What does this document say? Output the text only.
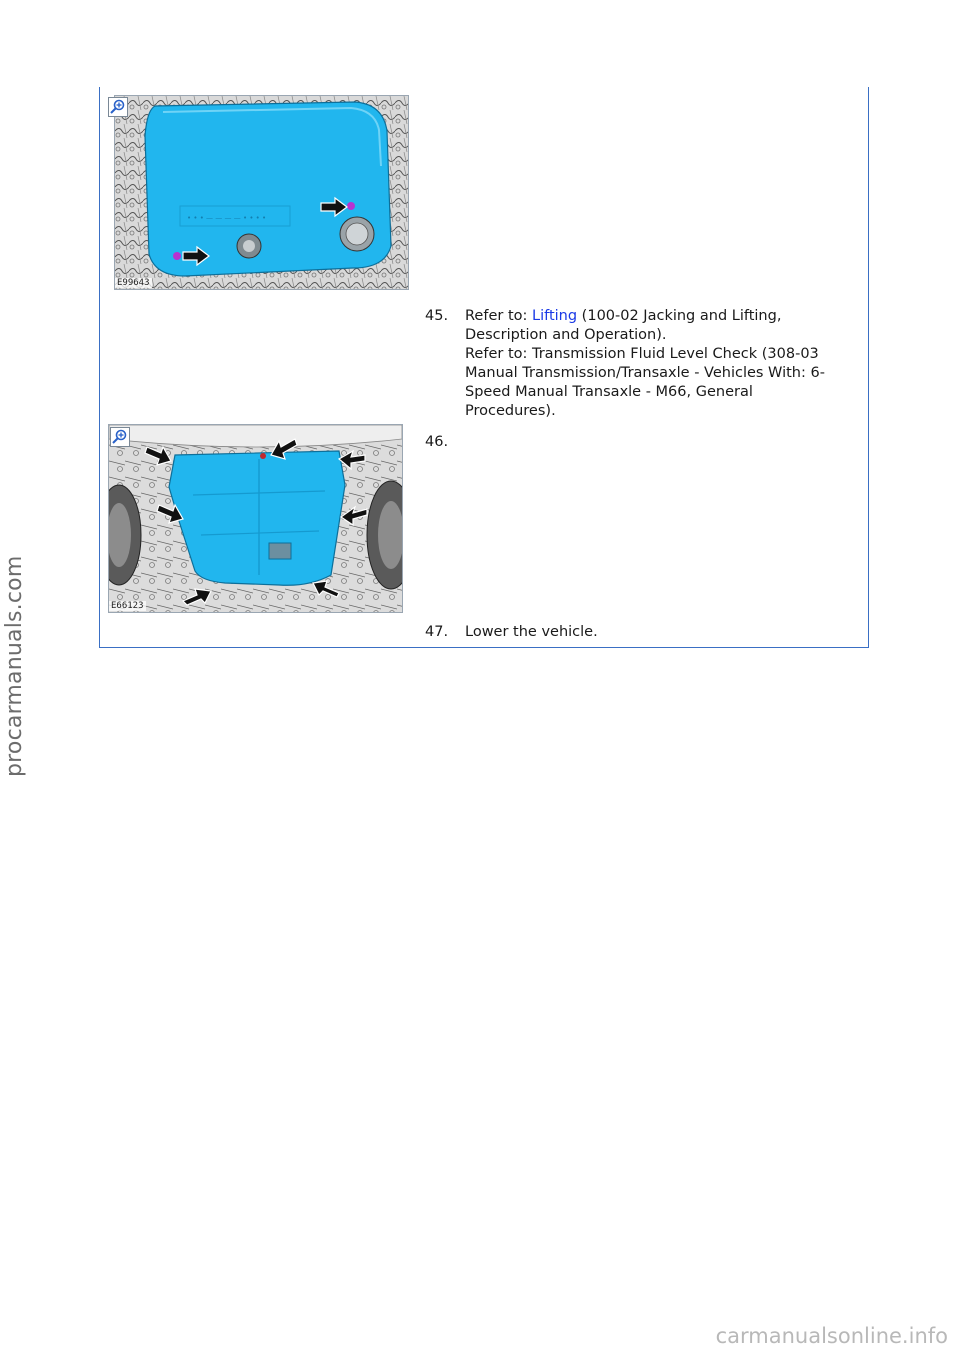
• • • — — — — • • • •
E99643
E66123
45.	Refer to: Lifting (100-02 Jacking and Lifting,
Description and Operation).
Refer to: Transmission Fluid Level Check (308-03
Manual Transmission/Transaxle - Vehicles With: 6-
Speed Manual Transaxle - M66, General
Procedures).
46.
47.	Lower the vehicle.
procarmanuals.com
carmanualsonline.info
